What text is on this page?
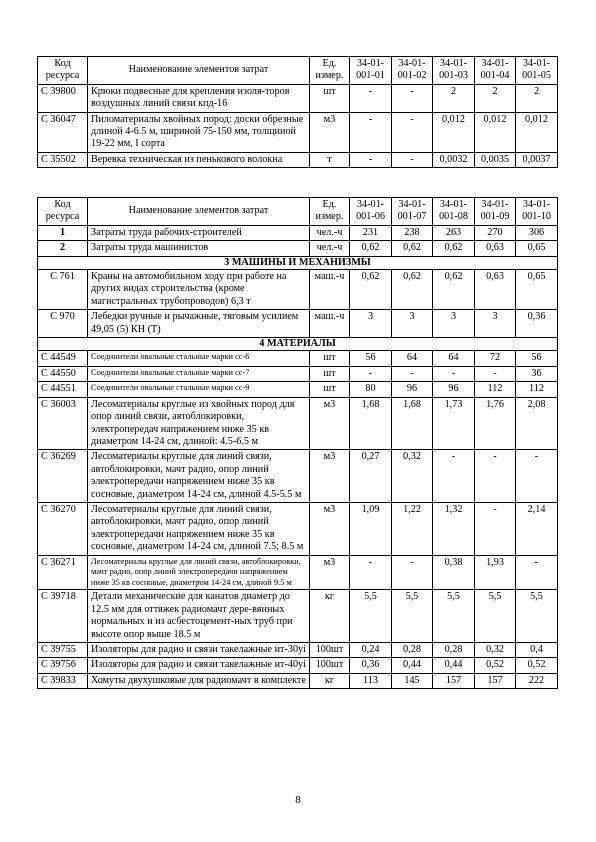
Код ресурса	Наименование элементов затрат	Ед. измер.	34-01-001-01	34-01-001-02	34-01-001-03	34-01-001-04	34-01-001-05
С 39800	Крюки подвесные для крепления изоля-торов воздушных линий связи кпд-16	шт	-	-	2	2	2
С 36047	Пиломатериалы хвойных пород: доски обрезные длиной 4-6.5 м, шириной 75-150 мм, толщиной 19-22 мм, I сорта	м3	-	-	0,012	0,012	0,012
С 35502	Веревка техническая из пенькового волокна	т	-	-	0,0032	0,0035	0,0037
Код ресурса	Наименование элементов затрат	Ед. измер.	34-01-001-06	34-01-001-07	34-01-001-08	34-01-001-09	34-01-001-10
1	Затраты труда рабочих-строителей	чел.-ч	231	238	263	270	306
2	Затраты труда машинистов	чел.-ч	0,62	0,62	0,62	0,63	0,65
3 МАШИНЫ И МЕХАНИЗМЫ							
С 761	Краны на автомобильном ходу при работе на других видах строительства (кроме магистральных трубопроводов) 6,3 т	маш.-ч	0,62	0,62	0,62	0,63	0,65
С 970	Лебедки ручные и рычажные, тяговым усилием 49,05 (5) КН (Т)	маш.-ч	3	3	3	3	0,36
4 МАТЕРИАЛЫ							
С 44549	Соединители овальные стальные марки сс-6	шт	56	64	64	72	56
С 44550	Соединители овальные стальные марки сс-7	шт	-	-	-	-	36
С 44551	Соединители овальные стальные марки сс-9	шт	80	96	96	112	112
С 36003	Лесоматериалы круглые из хвойных пород для опор линий связи, автоблокировки, электропередач напряжением ниже 35 кв диаметром 14-24 см, длиной: 4.5-6.5 м	м3	1,68	1,68	1,73	1,76	2,08
С 36269	Лесоматериалы круглые для линий связи, автоблокировки, мачт радио, опор линий электропередачи напряжением ниже 35 кв сосновые, диаметром 14-24 см, длиной 4.5-5.5 м	м3	0,27	0,32	-	-	-
С 36270	Лесоматериалы круглые для линий связи, автоблокировки, мачт радио, опор линий электропередачи напряжением ниже 35 кв сосновые, диаметром 14-24 см, длиной 7.5; 8.5 м	м3	1,09	1,22	1,32	-	2,14
С 36271	Лесоматериалы круглые для линий связи, автоблокировки, мачт радио, опор линий электропередачи напряжением ниже 35 кв сосновые, диаметром 14-24 см, длиной 9.5 м	м3	-	-	0,38	1,93	-
С 39718	Детали механические для канатов диаметр до 12.5 мм для оттяжек радиомачт дере-вянных нормальных и из асбестоцемент-ных труб при высоте опор выше 18.5 м	кг	5,5	5,5	5,5	5,5	5,5
С 39755	Изоляторы для радио и связи такелажные ит-30уі	100шт	0,24	0,28	0,28	0,32	0,4
С 39756	Изоляторы для радио и связи такелажные ит-40уі	100шт	0,36	0,44	0,44	0,52	0,52
С 39833	Хомуты двухушковые для радиомачт в комплекте	кг	113	145	157	157	222
8
